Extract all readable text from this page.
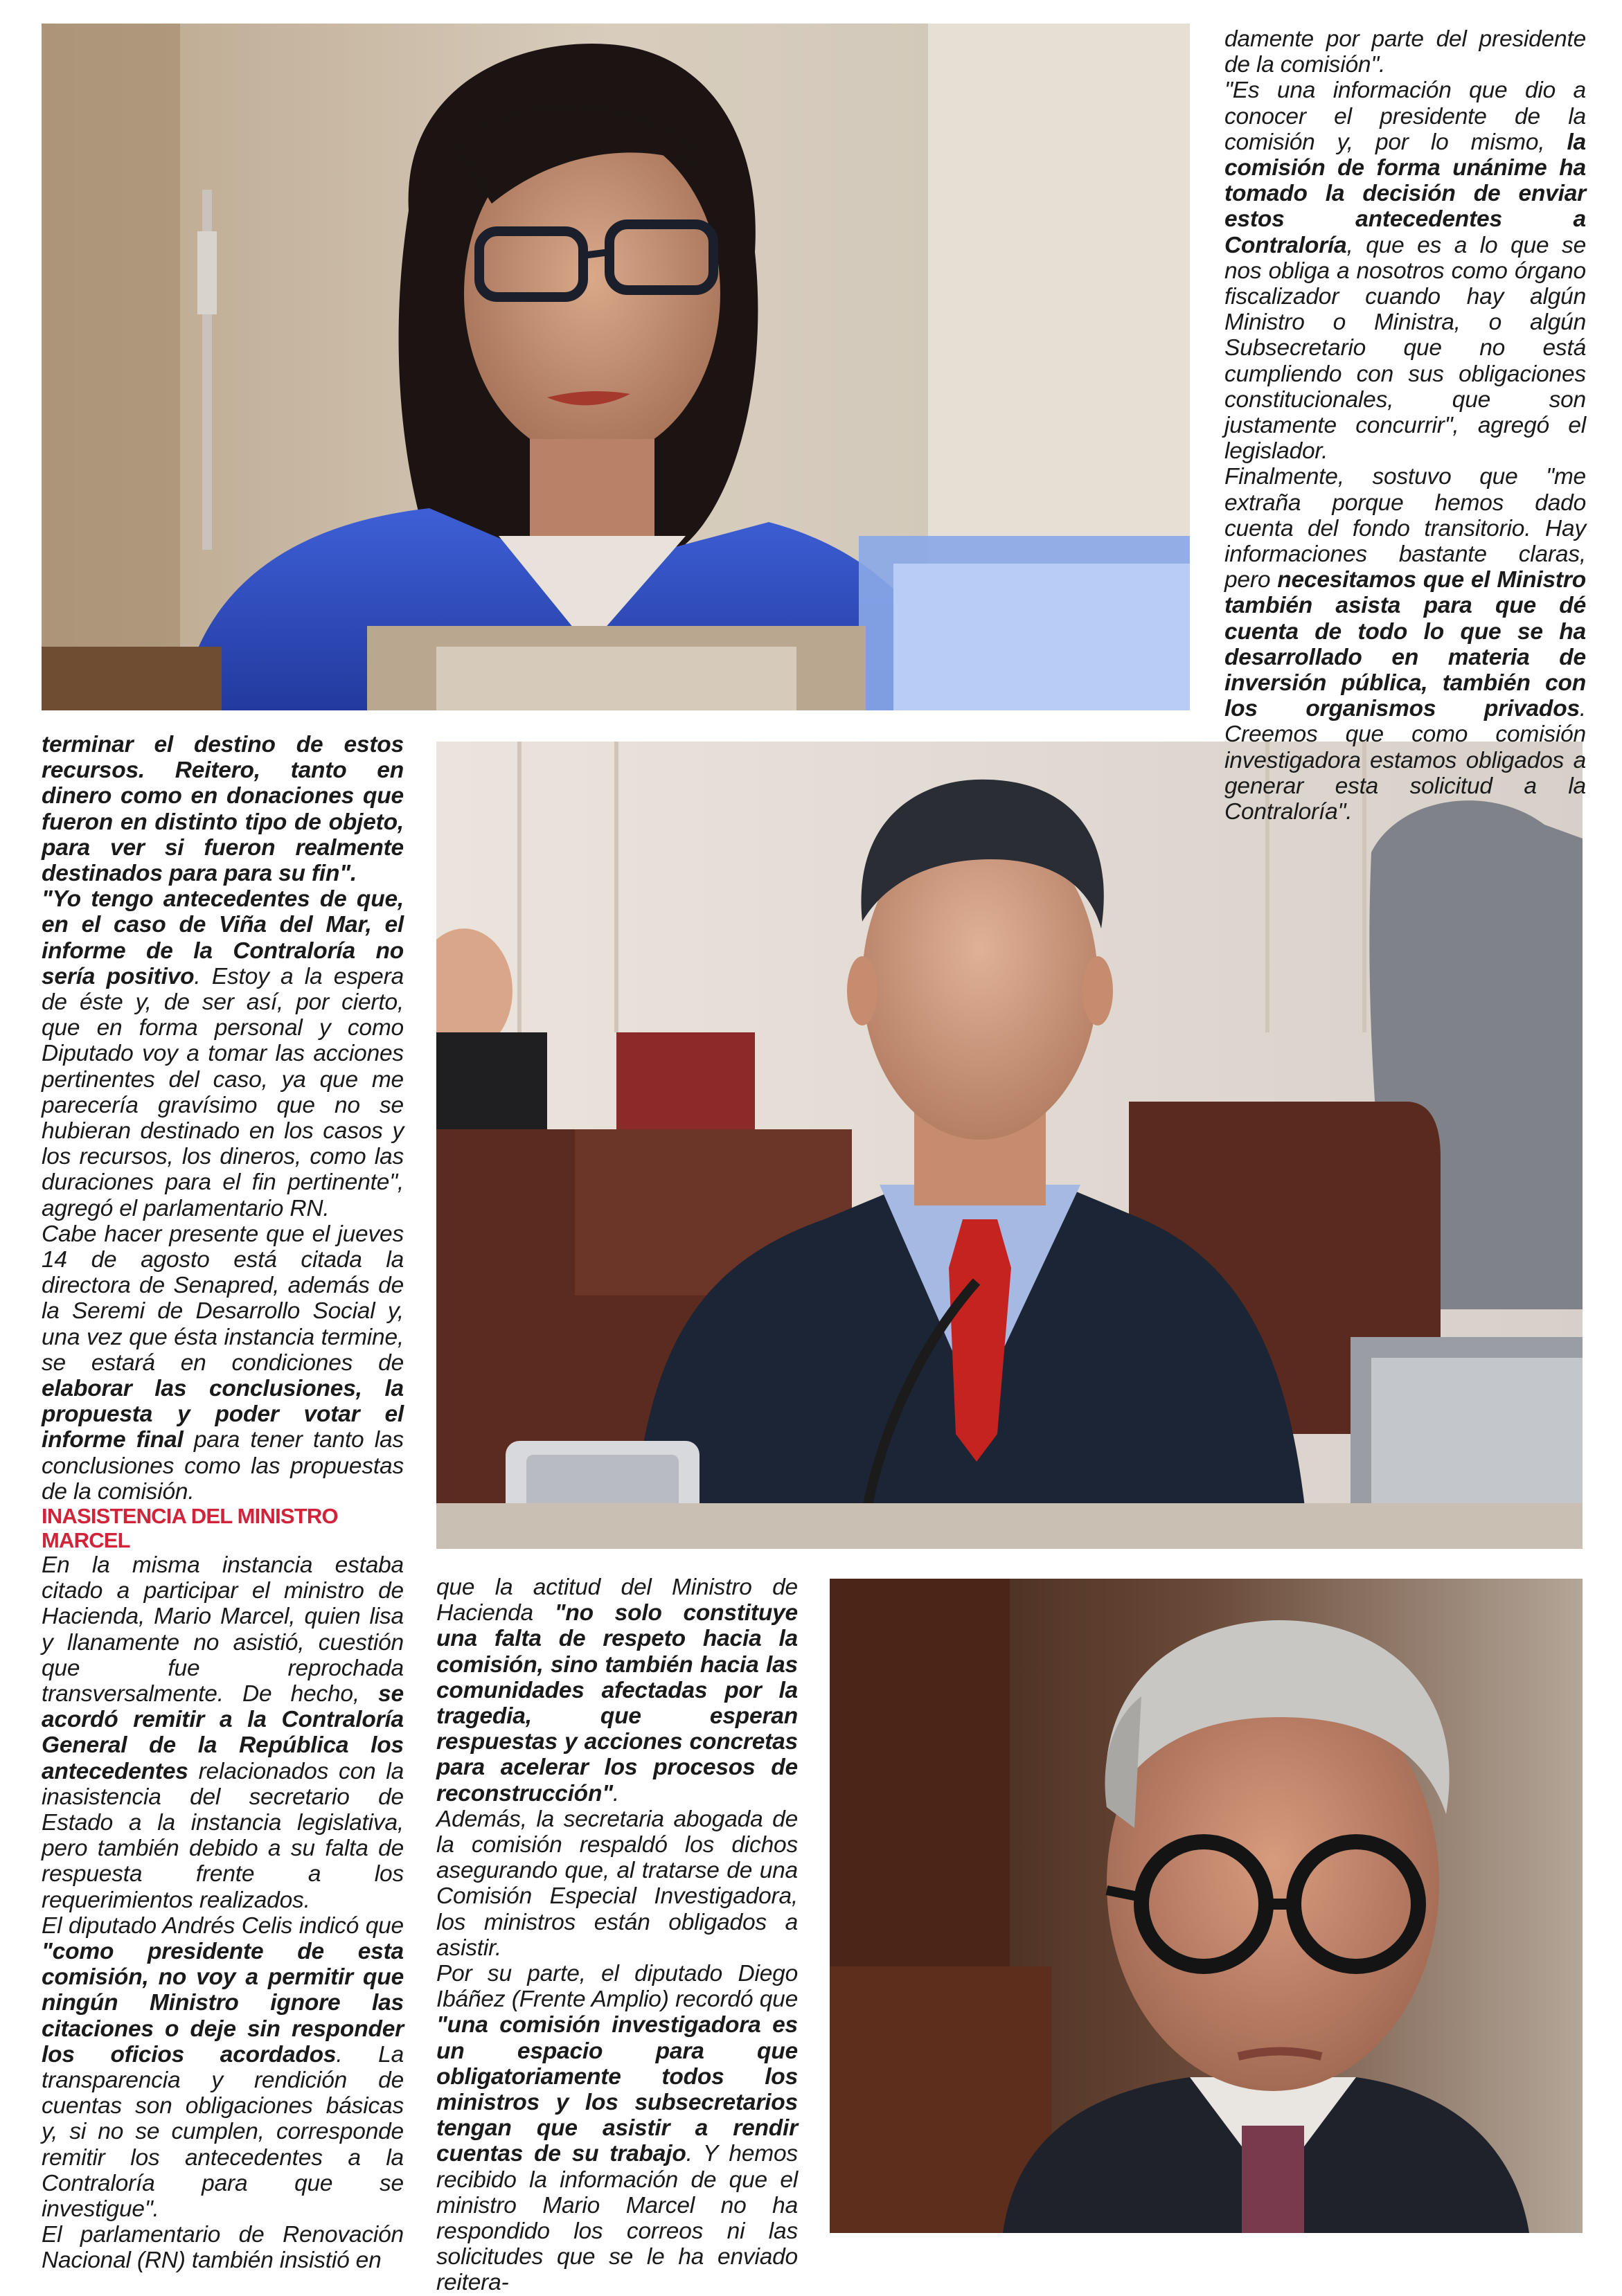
damente por parte del presidente de la comisión".

"Es una información que dio a conocer el presidente de la comisión y, por lo mismo, la comisión de forma unánime ha tomado la decisión de enviar estos antecedentes a Contraloría, que es a lo que se nos obliga a nosotros como órgano fiscalizador cuando hay algún Ministro o Ministra, o algún Subsecretario que no está cumpliendo con sus obligaciones constitucionales, que son justamente concurrir", agregó el legislador.

Finalmente, sostuvo que "me extraña porque hemos dado cuenta del fondo transitorio. Hay informaciones bastante claras, pero necesitamos que el Ministro también asista para que dé cuenta de todo lo que se ha desarrollado en materia de inversión pública, también con los organismos privados. Creemos que como comisión investigadora estamos obligados a generar esta solicitud a la Contraloría".

terminar el destino de estos recursos. Reitero, tanto en dinero como en donaciones que fueron en distinto tipo de objeto, para ver si fueron realmente destinados para para su fin".

"Yo tengo antecedentes de que, en el caso de Viña del Mar, el informe de la Contraloría no sería positivo. Estoy a la espera de éste y, de ser así, por cierto, que en forma personal y como Diputado voy a tomar las acciones pertinentes del caso, ya que me parecería gravísimo que no se hubieran destinado en los casos y los recursos, los dineros, como las duraciones para el fin pertinente", agregó el parlamentario RN.

Cabe hacer presente que el jueves 14 de agosto está citada la directora de Senapred, además de la Seremi de Desarrollo Social y, una vez que ésta instancia termine, se estará en condiciones de elaborar las conclusiones, la propuesta y poder votar el informe final para tener tanto las conclusiones como las propuestas de la comisión.

INASISTENCIA DEL MINISTRO MARCEL

En la misma instancia estaba citado a participar el ministro de Hacienda, Mario Marcel, quien lisa y llanamente no asistió, cuestión que fue reprochada transversalmente. De hecho, se acordó remitir a la Contraloría General de la República los antecedentes relacionados con la inasistencia del secretario de Estado a la instancia legislativa, pero también debido a su falta de respuesta frente a los requerimientos realizados.

El diputado Andrés Celis indicó que "como presidente de esta comisión, no voy a permitir que ningún Ministro ignore las citaciones o deje sin responder los oficios acordados. La transparencia y rendición de cuentas son obligaciones básicas y, si no se cumplen, corresponde remitir los antecedentes a la Contraloría para que se investigue".

El parlamentario de Renovación Nacional (RN) también insistió en

que la actitud del Ministro de Hacienda "no solo constituye una falta de respeto hacia la comisión, sino también hacia las comunidades afectadas por la tragedia, que esperan respuestas y acciones concretas para acelerar los procesos de reconstrucción".

Además, la secretaria abogada de la comisión respaldó los dichos asegurando que, al tratarse de una Comisión Especial Investigadora, los ministros están obligados a asistir.

Por su parte, el diputado Diego Ibáñez (Frente Amplio) recordó que "una comisión investigadora es un espacio para que obligatoriamente todos los ministros y los subsecretarios tengan que asistir a rendir cuentas de su trabajo. Y hemos recibido la información de que el ministro Mario Marcel no ha respondido los correos ni las solicitudes que se le ha enviado reitera-
